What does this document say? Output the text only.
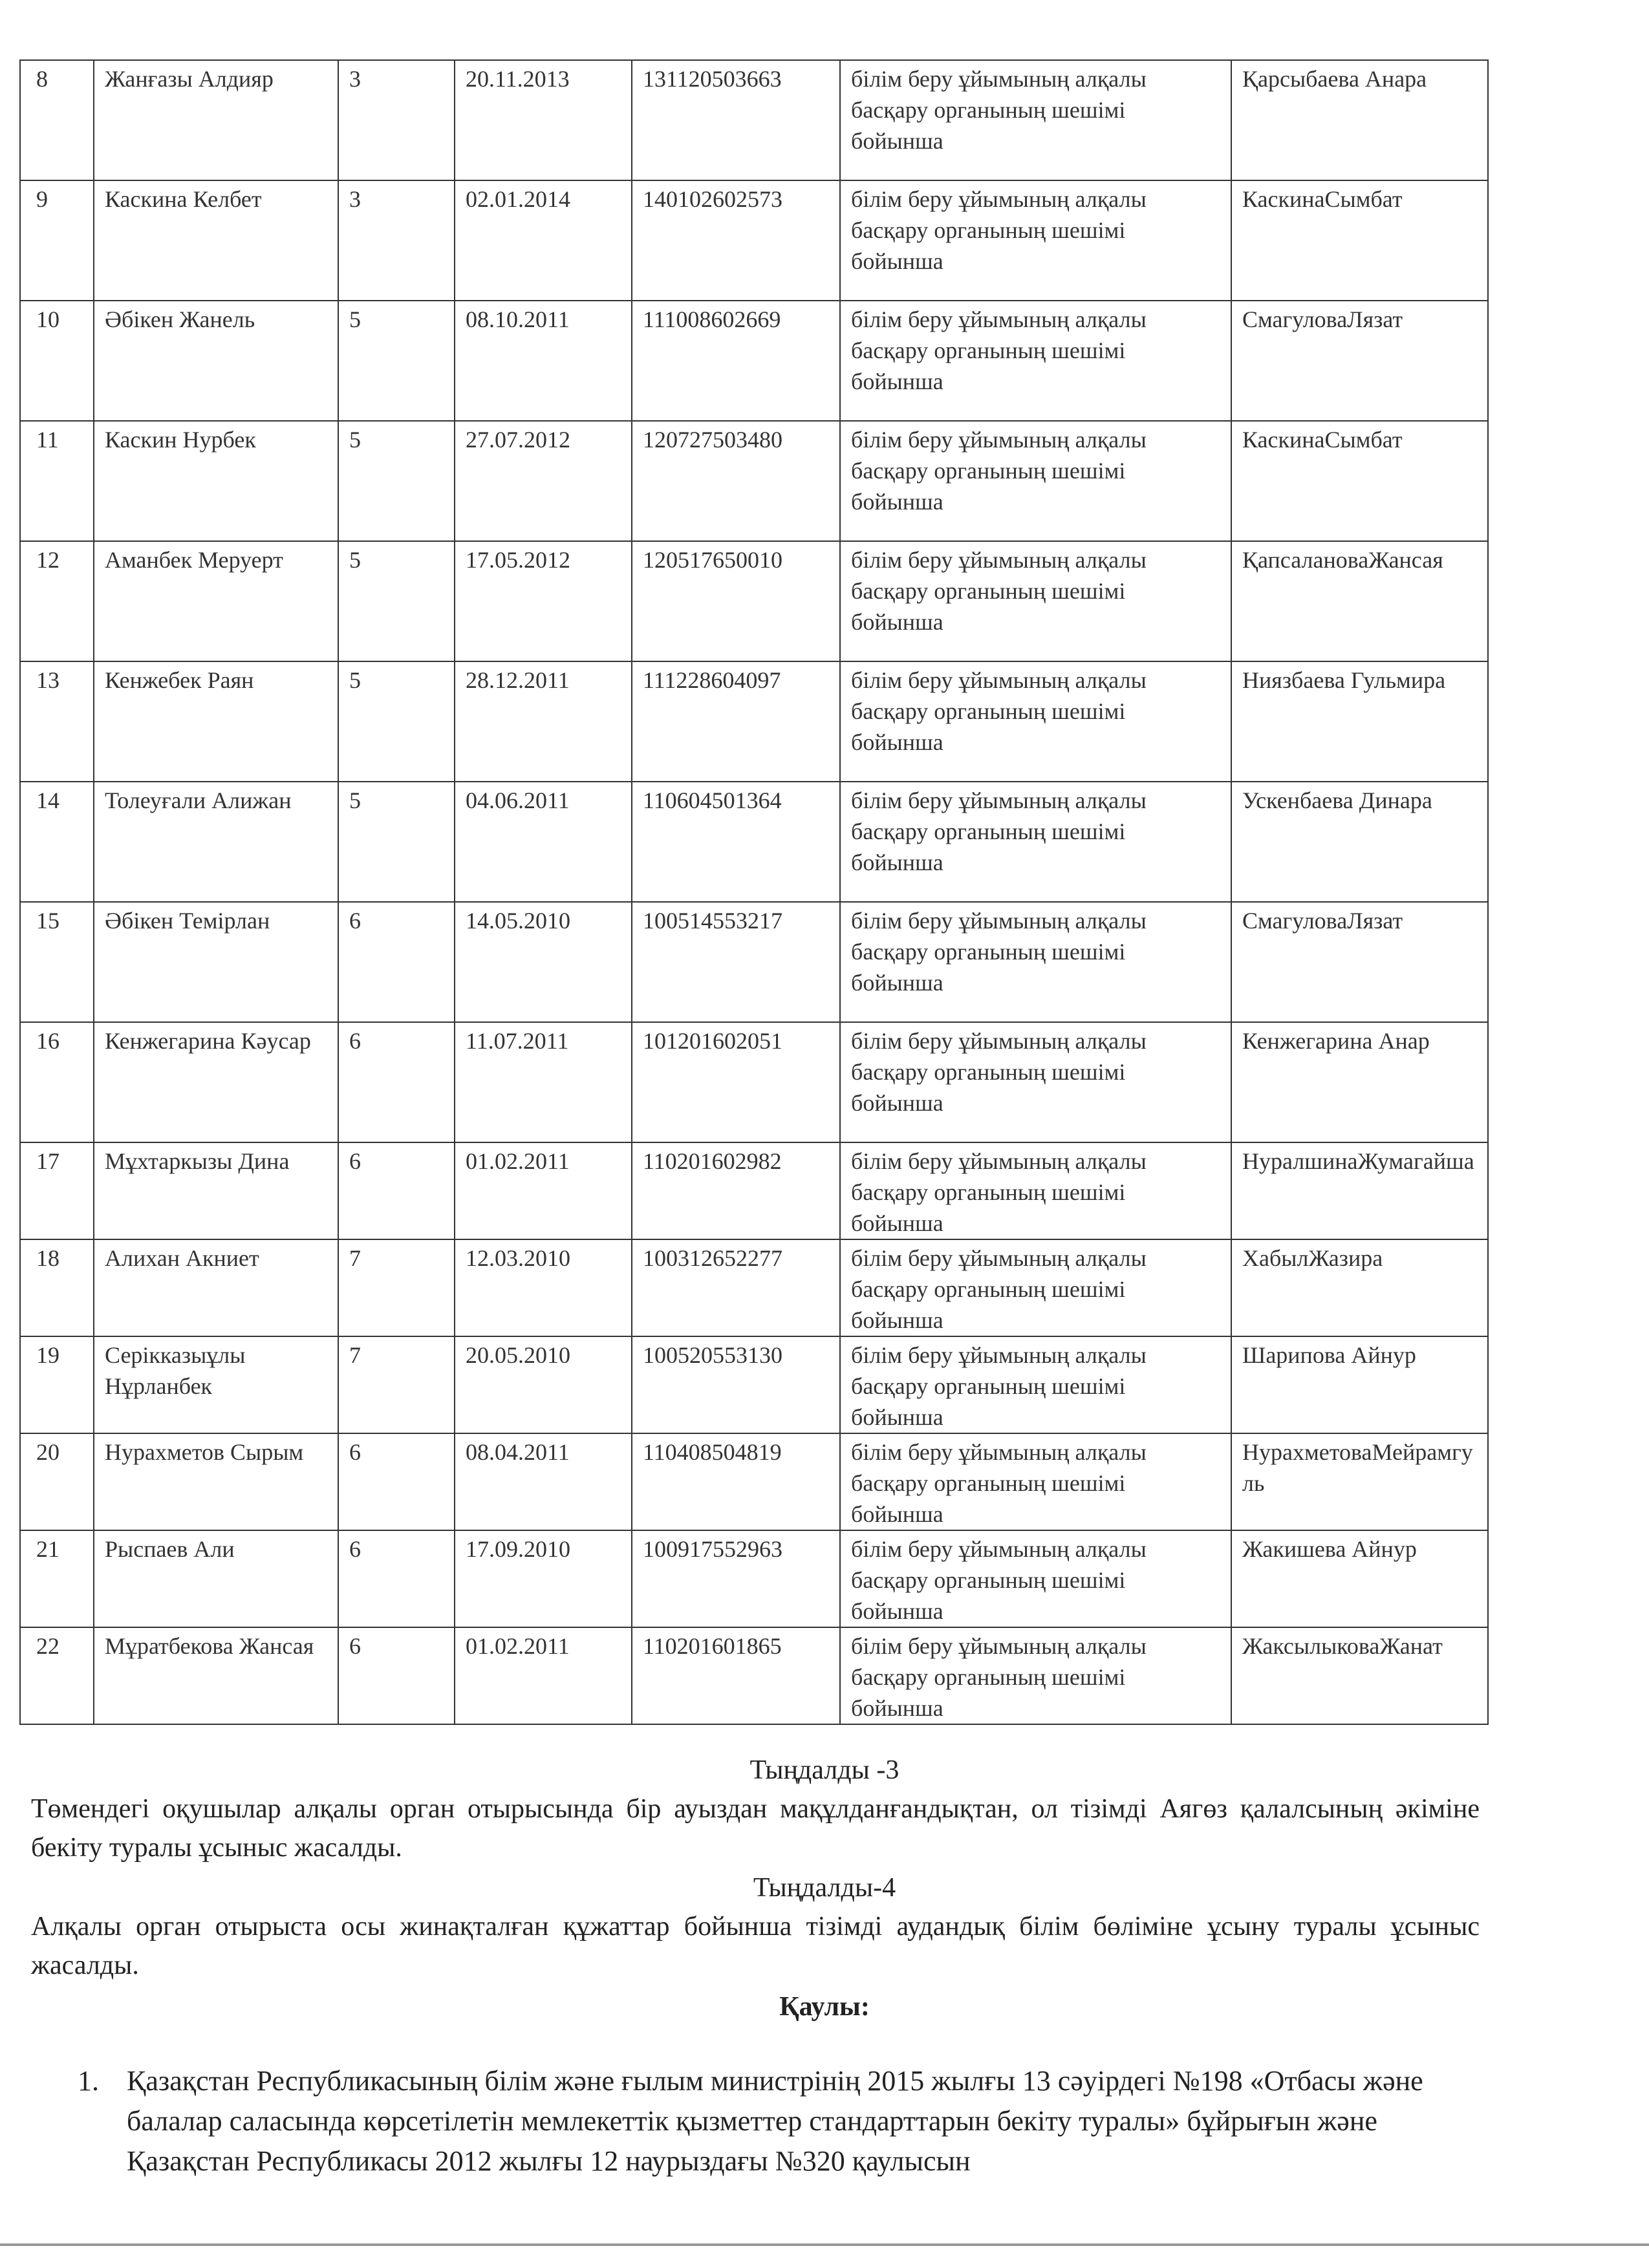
8	Жанғазы Алдияр	3	20.11.2013	131120503663	білім беру ұйымының алқалы басқару органының шешімі бойынша	Қарсыбаева Анара
9	Каскина Келбет	3	02.01.2014	140102602573	білім беру ұйымының алқалы басқару органының шешімі бойынша	КаскинаСымбат
10	Әбікен Жанель	5	08.10.2011	111008602669	білім беру ұйымының алқалы басқару органының шешімі бойынша	СмагуловаЛязат
11	Каскин Нурбек	5	27.07.2012	120727503480	білім беру ұйымының алқалы басқару органының шешімі бойынша	КаскинаСымбат
12	Аманбек Меруерт	5	17.05.2012	120517650010	білім беру ұйымының алқалы басқару органының шешімі бойынша	ҚапсалановаЖансая
13	Кенжебек Раян	5	28.12.2011	111228604097	білім беру ұйымының алқалы басқару органының шешімі бойынша	Ниязбаева Гульмира
14	Толеуғали Алижан	5	04.06.2011	110604501364	білім беру ұйымының алқалы басқару органының шешімі бойынша	Ускенбаева Динара
15	Әбікен Темірлан	6	14.05.2010	100514553217	білім беру ұйымының алқалы басқару органының шешімі бойынша	СмагуловаЛязат
16	Кенжегарина Кәусар	6	11.07.2011	101201602051	білім беру ұйымының алқалы басқару органының шешімі бойынша	Кенжегарина Анар
17	Мұхтаркызы Дина	6	01.02.2011	110201602982	білім беру ұйымының алқалы басқару органының шешімі бойынша	НуралшинаЖумагайша
18	Алихан Акниет	7	12.03.2010	100312652277	білім беру ұйымының алқалы басқару органының шешімі бойынша	ХабылЖазира
19	Серікказыұлы Нұрланбек	7	20.05.2010	100520553130	білім беру ұйымының алқалы басқару органының шешімі бойынша	Шарипова Айнур
20	Нурахметов Сырым	6	08.04.2011	110408504819	білім беру ұйымының алқалы басқару органының шешімі бойынша	НурахметоваМейрамгуль
21	Рыспаев Али	6	17.09.2010	100917552963	білім беру ұйымының алқалы басқару органының шешімі бойынша	Жакишева Айнур
22	Мұратбекова Жансая	6	01.02.2011	110201601865	білім беру ұйымының алқалы басқару органының шешімі бойынша	ЖаксылыковаЖанат
Тыңдалды -3
Төмендегі оқушылар алқалы орган отырысында бір ауыздан мақұлданғандықтан, ол тізімді Аягөз қалалсының әкіміне бекіту туралы ұсыныс жасалды.
Тыңдалды-4
Алқалы орган отырыста осы жинақталған құжаттар бойынша тізімді аудандық білім бөліміне ұсыну туралы ұсыныс жасалды.
Қаулы:
1. Қазақстан Республикасының білім және ғылым министрінің 2015 жылғы 13 сәуірдегі №198 «Отбасы және балалар саласында көрсетілетін мемлекеттік қызметтер стандарттарын бекіту туралы» бұйрығын және Қазақстан Республикасы 2012 жылғы 12 наурыздағы №320 қаулысын
